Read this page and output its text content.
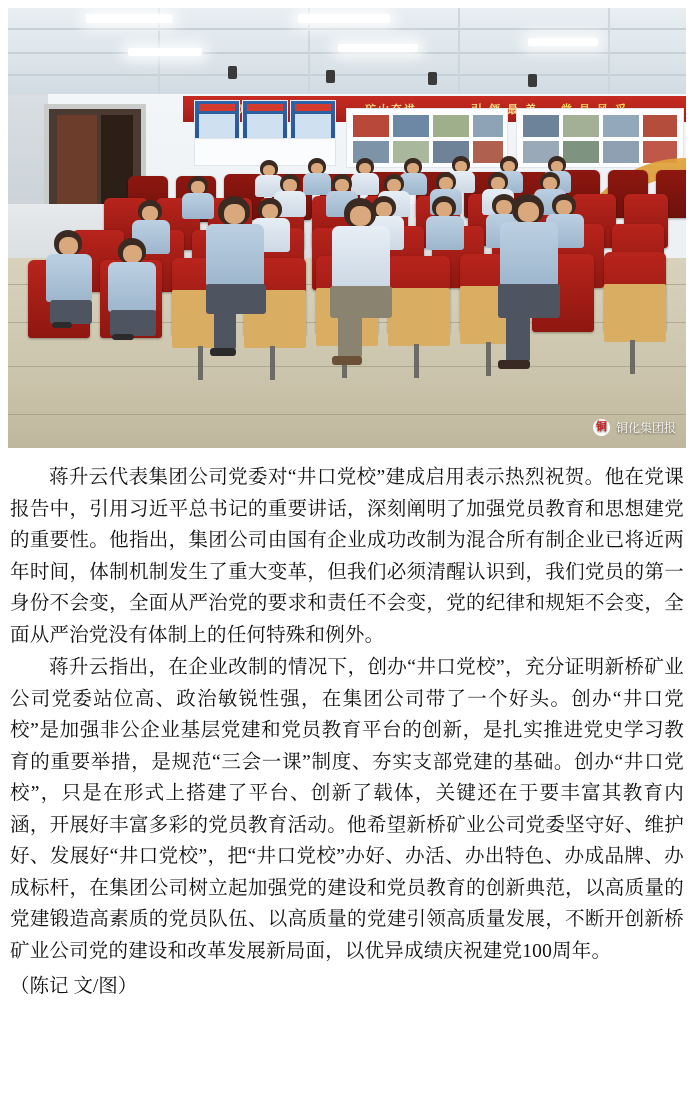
最
铜 铜化集团报

蒋升云代表集团公司党委对“井口党校”建成启用表示热烈祝贺。他在党课报告中，引用习近平总书记的重要讲话，深刻阐明了加强党员教育和思想建党的重要性。他指出，集团公司由国有企业成功改制为混合所有制企业已将近两年时间，体制机制发生了重大变革，但我们必须清醒认识到，我们党员的第一身份不会变，全面从严治党的要求和责任不会变，党的纪律和规矩不会变，全面从严治党没有体制上的任何特殊和例外。

蒋升云指出，在企业改制的情况下，创办“井口党校”，充分证明新桥矿业公司党委站位高、政治敏锐性强，在集团公司带了一个好头。创办“井口党校”是加强非公企业基层党建和党员教育平台的创新，是扎实推进党史学习教育的重要举措，是规范“三会一课”制度、夯实支部党建的基础。创办“井口党校”，只是在形式上搭建了平台、创新了载体，关键还在于要丰富其教育内涵，开展好丰富多彩的党员教育活动。他希望新桥矿业公司党委坚守好、维护好、发展好“井口党校”，把“井口党校”办好、办活、办出特色、办成品牌、办成标杆，在集团公司树立起加强党的建设和党员教育的创新典范，以高质量的党建锻造高素质的党员队伍、以高质量的党建引领高质量发展，不断开创新桥矿业公司党的建设和改革发展新局面，以优异成绩庆祝建党100周年。

（陈记 文/图）
